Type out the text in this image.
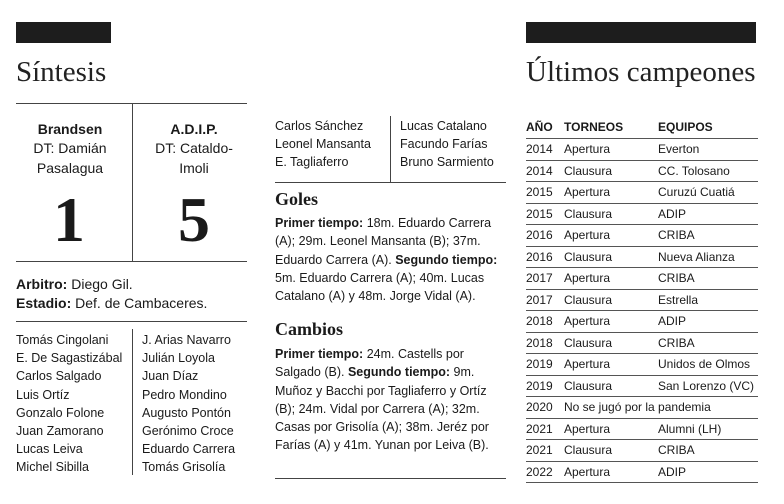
Síntesis	Últimos campeones
Brandsen
DT: Damián
Pasalagua
1
A.D.I.P.
DT: Cataldo-
Imoli
5
Arbitro: Diego Gil.
Estadio: Def. de Cambaceres.
Tomás Cingolani
E. De Sagastizábal
Carlos Salgado
Luis Ortíz
Gonzalo Folone
Juan Zamorano
Lucas Leiva
Michel Sibilla
J. Arias Navarro
Julián Loyola
Juan Díaz
Pedro Mondino
Augusto Pontón
Gerónimo Croce
Eduardo Carrera
Tomás Grisolía
Carlos Sánchez
Leonel Mansanta
E. Tagliaferro
Lucas Catalano
Facundo Farías
Bruno Sarmiento
Goles
Primer tiempo: 18m. Eduardo Carrera (A); 29m. Leonel Mansanta (B); 37m. Eduardo Carrera (A). Segundo tiempo: 5m. Eduardo Carrera (A); 40m. Lucas Catalano (A) y 48m. Jorge Vidal (A).
Cambios
Primer tiempo: 24m. Castells por Salgado (B). Segundo tiempo: 9m. Muñoz y Bacchi por Tagliaferro y Ortíz (B); 24m. Vidal por Carrera (A); 32m. Casas por Grisolía (A); 38m. Jeréz por Farías (A) y 41m. Yunan por Leiva (B).
AÑO	TORNEOS	EQUIPOS
2014	Apertura	Everton
2014	Clausura	CC. Tolosano
2015	Apertura	Curuzú Cuatiá
2015	Clausura	ADIP
2016	Apertura	CRIBA
2016	Clausura	Nueva Alianza
2017	Apertura	CRIBA
2017	Clausura	Estrella
2018	Apertura	ADIP
2018	Clausura	CRIBA
2019	Apertura	Unidos de Olmos
2019	Clausura	San Lorenzo (VC)
2020	No se jugó por la pandemia	
2021	Apertura	Alumni (LH)
2021	Clausura	CRIBA
2022	Apertura	ADIP
